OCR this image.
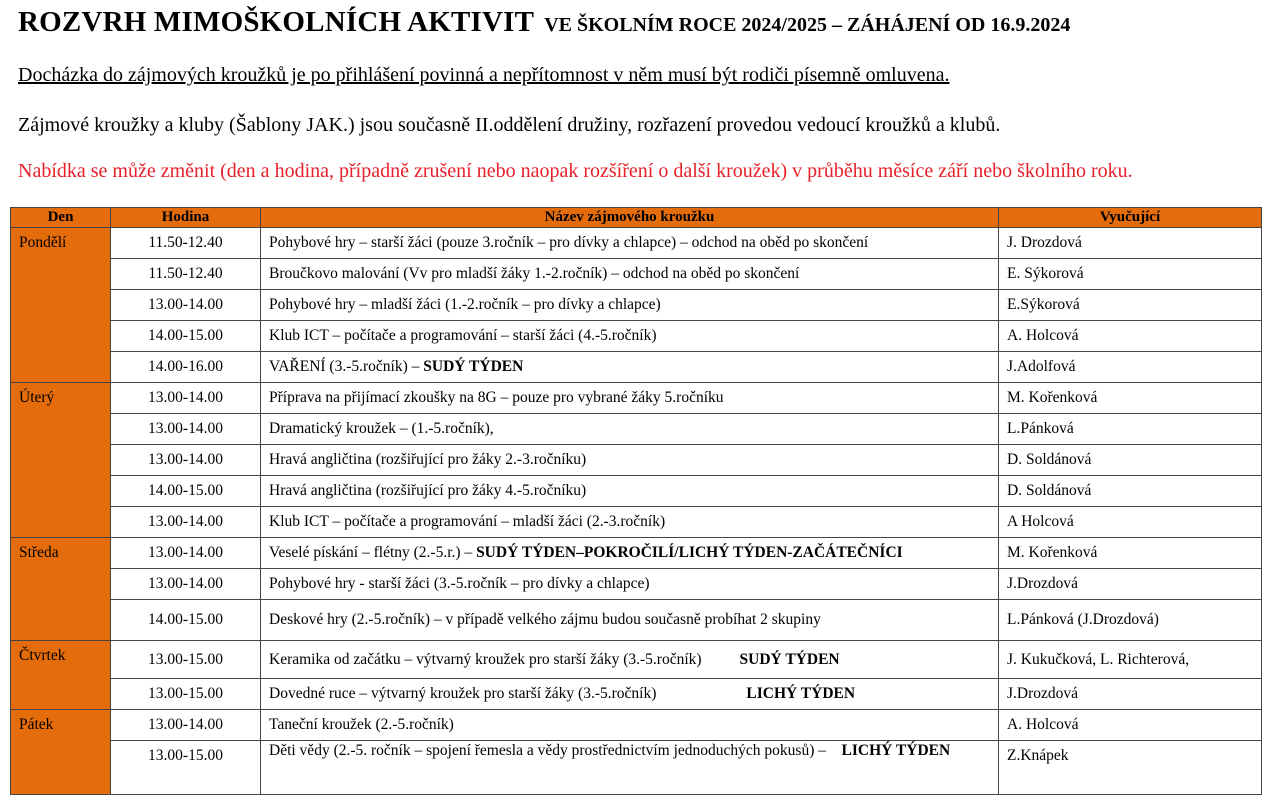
ROZVRH MIMOŠKOLNÍCH AKTIVIT VE ŠKOLNÍM ROCE 2024/2025 – ZÁHÁJENÍ OD 16.9.2024
Docházka do zájmových kroužků je po přihlášení povinná a nepřítomnost v něm musí být rodiči písemně omluvena.
Zájmové kroužky a kluby (Šablony JAK.) jsou současně II.oddělení družiny, rozřazení provedou vedoucí kroužků a klubů.
Nabídka se může změnit (den a hodina, případně zrušení nebo naopak rozšíření o další kroužek) v průběhu měsíce září nebo školního roku.
Den	Hodina	Název zájmového kroužku	Vyučující
Pondělí	11.50-12.40	Pohybové hry – starší žáci (pouze 3.ročník – pro dívky a chlapce) – odchod na oběd po skončení	J. Drozdová
	11.50-12.40	Broučkovo malování (Vv pro mladší žáky 1.-2.ročník) – odchod na oběd po skončení	E. Sýkorová
	13.00-14.00	Pohybové hry – mladší žáci (1.-2.ročník – pro dívky a chlapce)	E.Sýkorová
	14.00-15.00	Klub ICT – počítače a programování – starší žáci (4.-5.ročník)	A. Holcová
	14.00-16.00	VAŘENÍ (3.-5.ročník) – SUDÝ TÝDEN	J.Adolfová
Úterý	13.00-14.00	Příprava na přijímací zkoušky na 8G – pouze pro vybrané žáky 5.ročníku	M. Kořenková
	13.00-14.00	Dramatický kroužek – (1.-5.ročník),	L.Pánková
	13.00-14.00	Hravá angličtina (rozšiřující pro žáky 2.-3.ročníku)	D. Soldánová
	14.00-15.00	Hravá angličtina (rozšiřující pro žáky 4.-5.ročníku)	D. Soldánová
	13.00-14.00	Klub ICT – počítače a programování – mladší žáci (2.-3.ročník)	A Holcová
Středa	13.00-14.00	Veselé pískání – flétny (2.-5.r.) – SUDÝ TÝDEN–POKROČILÍ/LICHÝ TÝDEN-ZAČÁTEČNÍCI	M. Kořenková
	13.00-14.00	Pohybové hry - starší žáci (3.-5.ročník – pro dívky a chlapce)	J.Drozdová
	14.00-15.00	Deskové hry (2.-5.ročník) – v případě velkého zájmu budou současně probíhat 2 skupiny	L.Pánková (J.Drozdová)
Čtvrtek	13.00-15.00	Keramika od začátku – výtvarný kroužek pro starší žáky (3.-5.ročník) SUDÝ TÝDEN	J. Kukučková, L. Richterová,
	13.00-15.00	Dovedné ruce – výtvarný kroužek pro starší žáky (3.-5.ročník) LICHÝ TÝDEN	J.Drozdová
Pátek	13.00-14.00	Taneční kroužek (2.-5.ročník)	A. Holcová
	13.00-15.00	Děti vědy (2.-5. ročník – spojení řemesla a vědy prostřednictvím jednoduchých pokusů) – LICHÝ TÝDEN	Z.Knápek
